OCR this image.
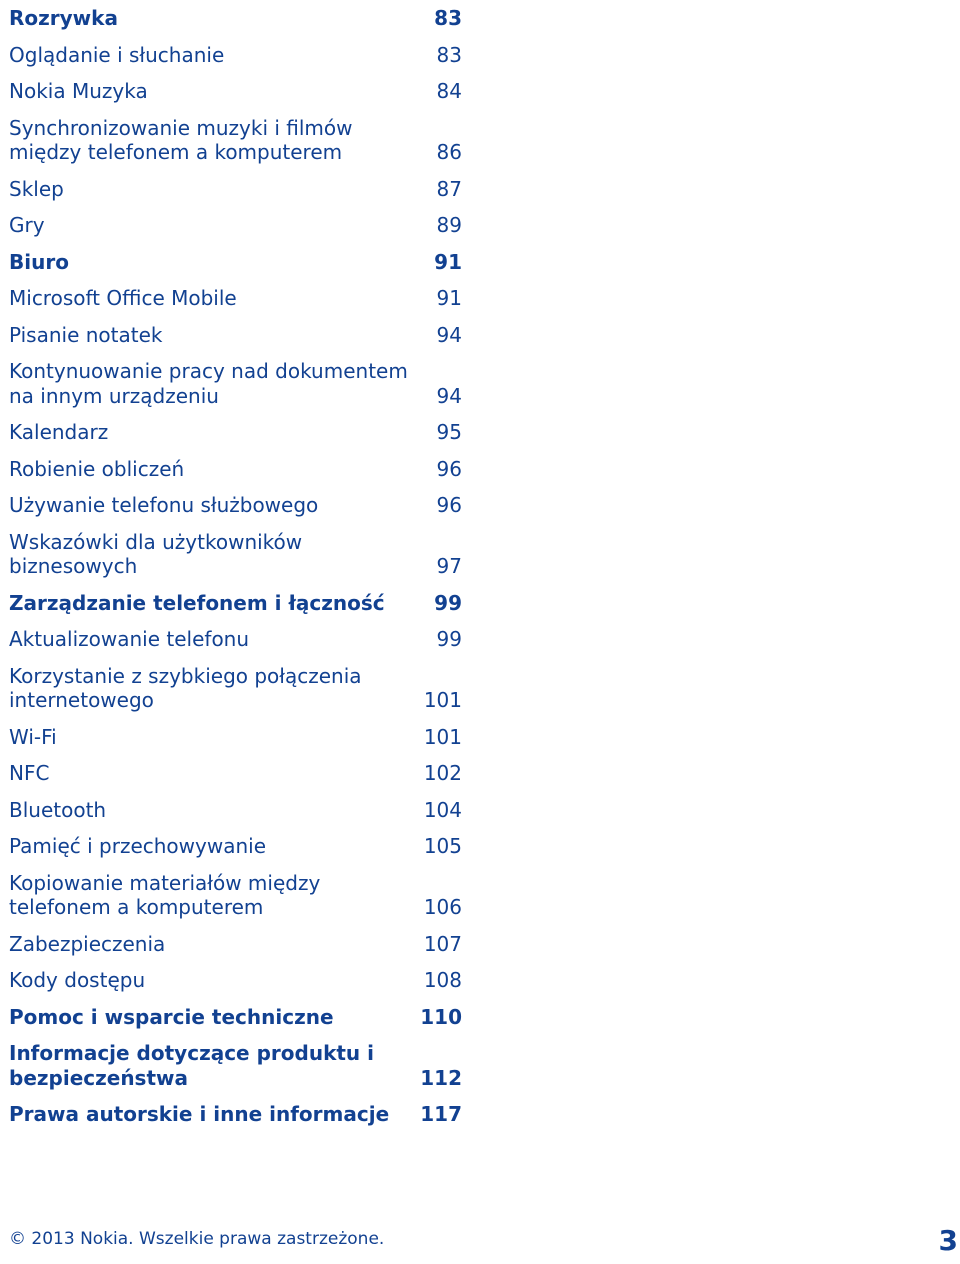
Rozrywka	83
Oglądanie i słuchanie	83
Nokia Muzyka	84
Synchronizowanie muzyki i filmów
między telefonem a komputerem	86
Sklep	87
Gry	89
Biuro	91
Microsoft Office Mobile	91
Pisanie notatek	94
Kontynuowanie pracy nad dokumentem
na innym urządzeniu	94
Kalendarz	95
Robienie obliczeń	96
Używanie telefonu służbowego	96
Wskazówki dla użytkowników
biznesowych	97
Zarządzanie telefonem i łączność	99
Aktualizowanie telefonu	99
Korzystanie z szybkiego połączenia
internetowego	101
Wi-Fi	101
NFC	102
Bluetooth	104
Pamięć i przechowywanie	105
Kopiowanie materiałów między
telefonem a komputerem	106
Zabezpieczenia	107
Kody dostępu	108
Pomoc i wsparcie techniczne	110
Informacje dotyczące produktu i
bezpieczeństwa	112
Prawa autorskie i inne informacje	117
© 2013 Nokia. Wszelkie prawa zastrzeżone.	3
